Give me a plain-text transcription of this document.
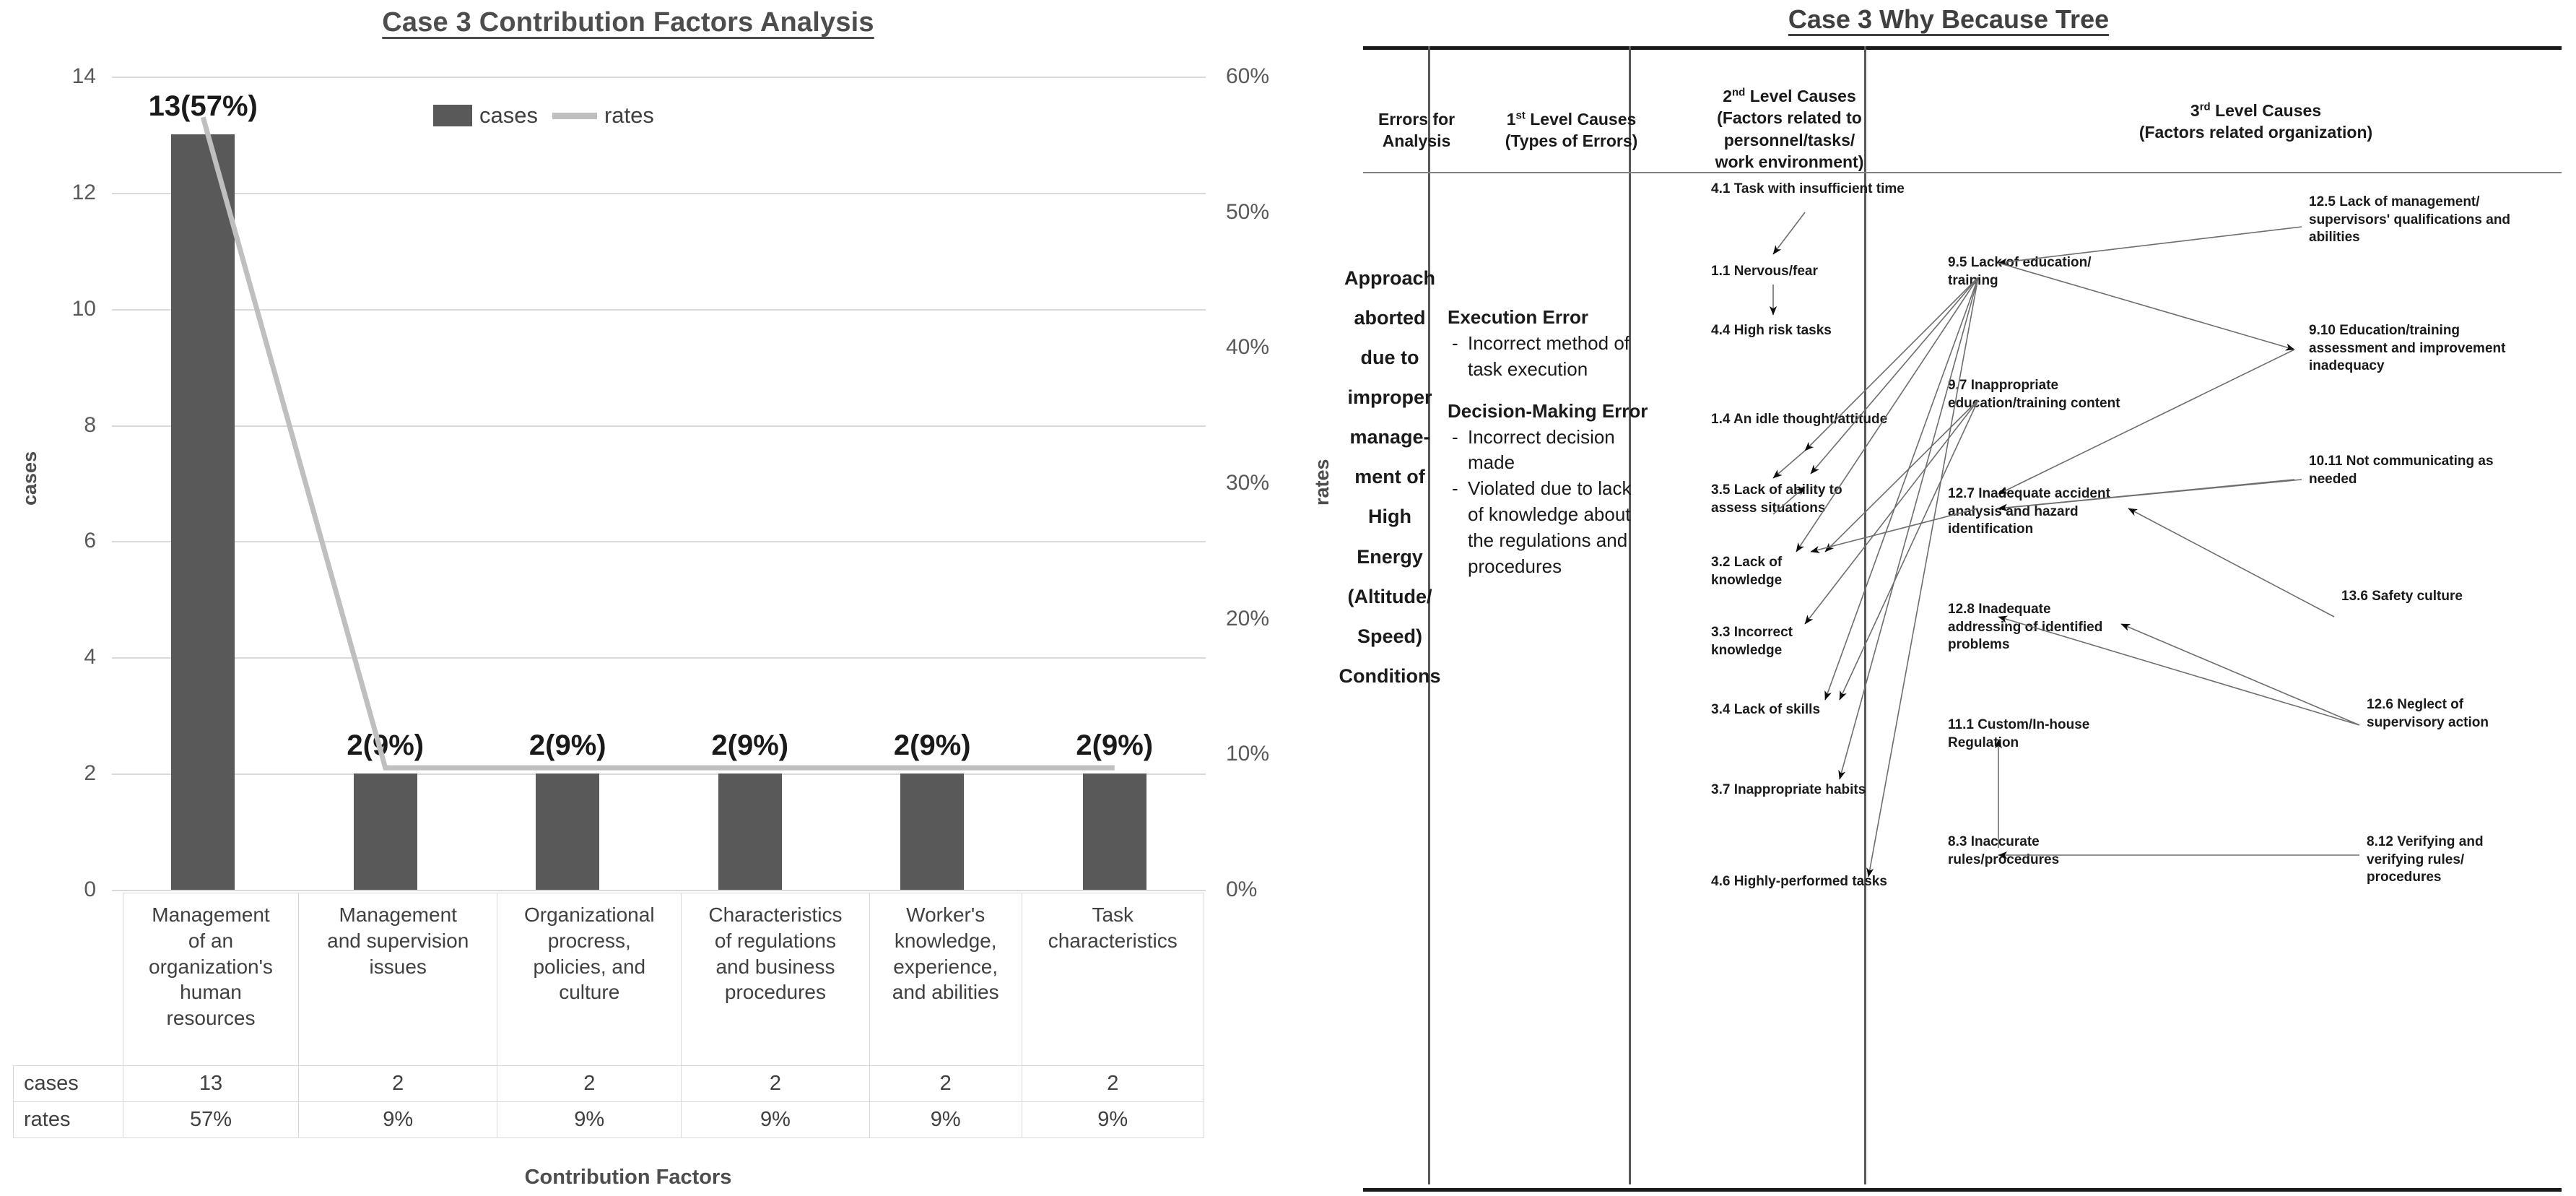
Case 3 Contribution Factors Analysis
cases	rates
Contribution Factors
13(57%)
2(9%)	2(9%)	2(9%)	2(9%)	2(9%)
cases	rates

Management
of an
organization's
human
resources

Management
and supervision
issues

Organizational
procress,
policies, and
culture

Characteristics
of regulations
and business
procedures

Worker's
knowledge,
experience,
and abilities

Task
characteristics

cases	13	2	2	2	2	2
rates	57%	9%	9%	9%	9%	9%
0
2
4
6
8
10
12
14
0%
10%
20%
30%
40%
50%
60%
Case 3 Why Because Tree
Errors for
Analysis
1st Level Causes
(Types of Errors)
2nd Level Causes
(Factors related to
personnel/tasks/
work environment)
3rd Level Causes
(Factors related organization)
Approach
aborted
due to
improper
manage-
ment of
High
Energy
(Altitude/
Speed)
Conditions
Execution Error
- Incorrect method of task execution
Decision-Making Error
- Incorrect decision made
- Violated due to lack of knowledge about the regulations and procedures
4.1 Task with insufficient time
1.1 Nervous/fear
4.4 High risk tasks
1.4 An idle thought/attitude
3.5 Lack of ability to assess situations
3.2 Lack of knowledge
3.3 Incorrect knowledge
3.4 Lack of skills
3.7 Inappropriate habits
4.6 Highly-performed tasks
9.5 Lack of education/ training
9.7 Inappropriate education/training content
12.7 Inadequate accident analysis and hazard identification
12.8 Inadequate addressing of identified problems
11.1 Custom/In-house Regulation
8.3 Inaccurate rules/procedures
12.5 Lack of management/ supervisors' qualifications and abilities
9.10 Education/training assessment and improvement inadequacy
10.11 Not communicating as needed
13.6 Safety culture
12.6 Neglect of supervisory action
8.12 Verifying and verifying rules/ procedures
